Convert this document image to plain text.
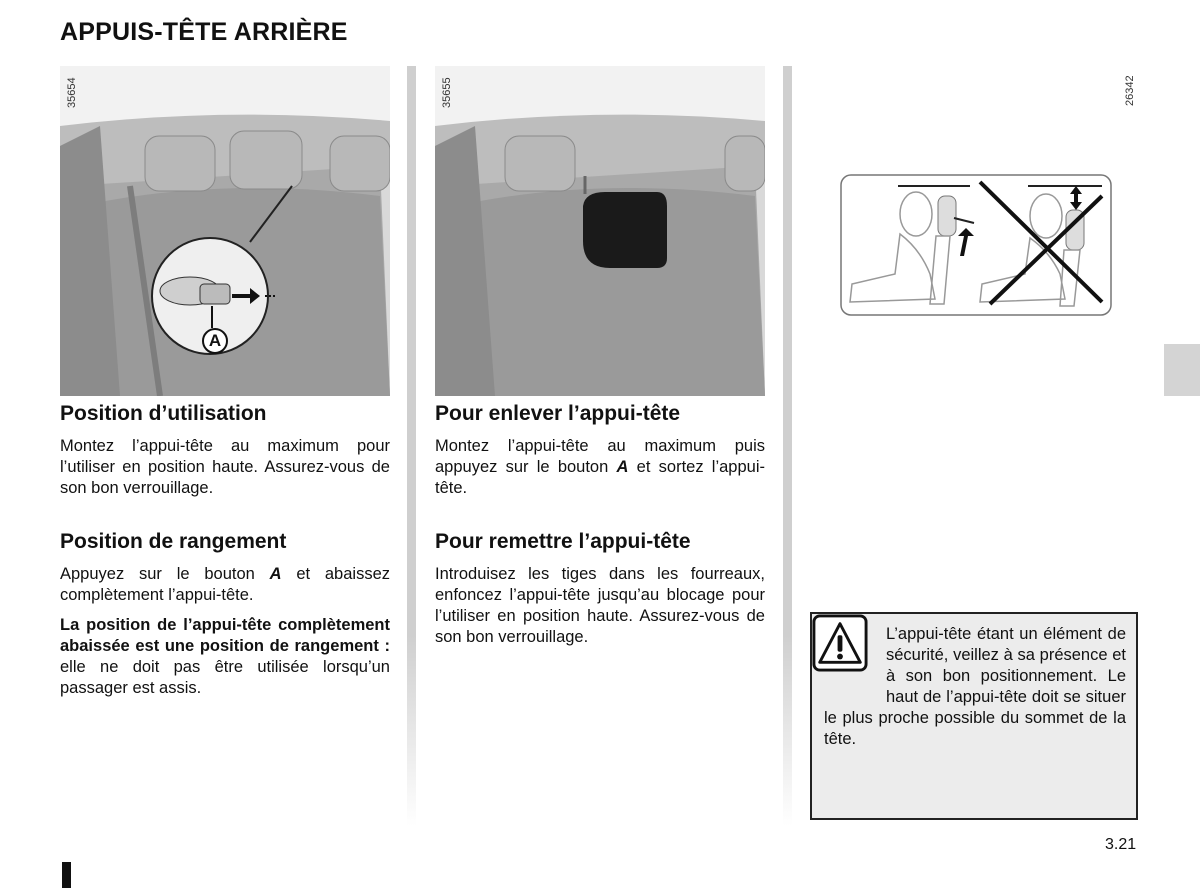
APPUIS-TÊTE ARRIÈRE
A
35654	35655	26342
Position d’utilisation
Montez l’appui-tête au maximum pour l’utiliser en position haute. Assurez-vous de son bon verrouillage.
Position de rangement
Appuyez sur le bouton A et abaissez complètement l’appui-tête.
La position de l’appui-tête complètement abaissée est une position de rangement : elle ne doit pas être utilisée lorsqu’un passager est assis.
Pour enlever l’appui-tête
Montez l’appui-tête au maximum puis appuyez sur le bouton A et sortez l’appui-tête.
Pour remettre l’appui-tête
Introduisez les tiges dans les fourreaux, enfoncez l’appui-tête jusqu’au blocage pour l’utiliser en position haute. Assurez-vous de son bon verrouillage.	L’appui-tête étant un élément de sécurité, veillez à sa présence et à son bon positionnement. Le haut de l’appui-tête doit se situer le plus proche possible du sommet de la tête.
3.21
